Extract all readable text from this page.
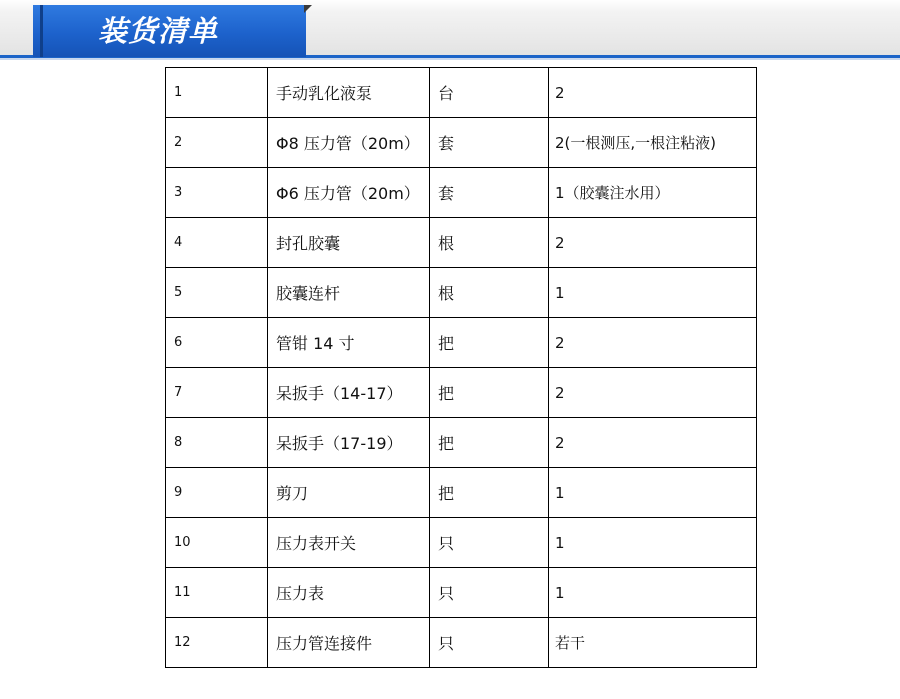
装货清单
1	手动乳化液泵	台	2
2	Φ8 压力管（20m）	套	2(一根测压,一根注粘液)
3	Φ6 压力管（20m）	套	1（胶囊注水用）
4	封孔胶囊	根	2
5	胶囊连杆	根	1
6	管钳 14 寸	把	2
7	呆扳手（14-17）	把	2
8	呆扳手（17-19）	把	2
9	剪刀	把	1
10	压力表开关	只	1
11	压力表	只	1
12	压力管连接件	只	若干
